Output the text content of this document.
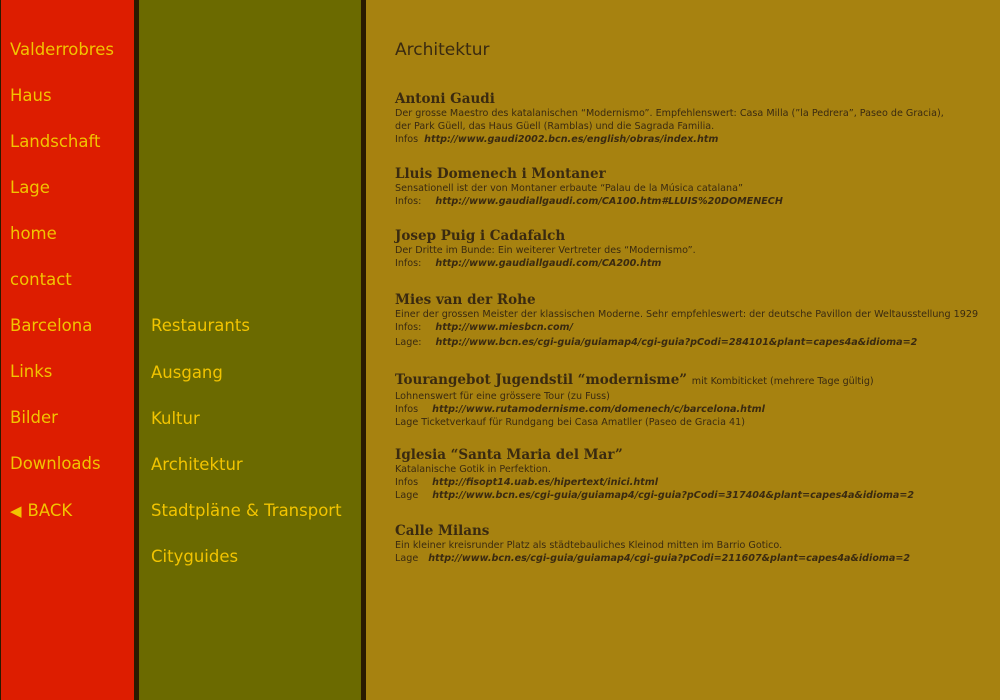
Valderrobres
Haus
Landschaft
Lage
home
contact
Barcelona
Links
Bilder
Downloads
◀ BACK
Restaurants
Ausgang
Kultur
Architektur
Stadtpläne & Transport
Cityguides
Architektur
Antoni Gaudi
Der grosse Maestro des katalanischen “Modernismo”. Empfehlenswert: Casa Milla (”la Pedrera”, Paseo de Gracia),
der Park Güell, das Haus Güell (Ramblas) und die Sagrada Familia.
Infos http://www.gaudi2002.bcn.es/english/obras/index.htm
Lluis Domenech i Montaner
Sensationell ist der von Montaner erbaute “Palau de la Música catalana”
Infos: http://www.gaudiallgaudi.com/CA100.htm#LLUIS%20DOMENECH
Josep Puig i Cadafalch
Der Dritte im Bunde: Ein weiterer Vertreter des “Modernismo”.
Infos: http://www.gaudiallgaudi.com/CA200.htm
Mies van der Rohe
Einer der grossen Meister der klassischen Moderne. Sehr empfehleswert: der deutsche Pavillon der Weltausstellung 1929
Infos: http://www.miesbcn.com/
Lage: http://www.bcn.es/cgi-guia/guiamap4/cgi-guia?pCodi=284101&plant=capes4a&idioma=2
Tourangebot Jugendstil “modernisme” mit Kombiticket (mehrere Tage gültig)
Lohnenswert für eine grössere Tour (zu Fuss)
Infos http://www.rutamodernisme.com/domenech/c/barcelona.html
Lage Ticketverkauf für Rundgang bei Casa Amatller (Paseo de Gracia 41)
Iglesia “Santa Maria del Mar”
Katalanische Gotik in Perfektion.
Infos http://fisopt14.uab.es/hipertext/inici.html
Lage http://www.bcn.es/cgi-guia/guiamap4/cgi-guia?pCodi=317404&plant=capes4a&idioma=2
Calle Milans
Ein kleiner kreisrunder Platz als städtebauliches Kleinod mitten im Barrio Gotico.
Lage http://www.bcn.es/cgi-guia/guiamap4/cgi-guia?pCodi=211607&plant=capes4a&idioma=2
